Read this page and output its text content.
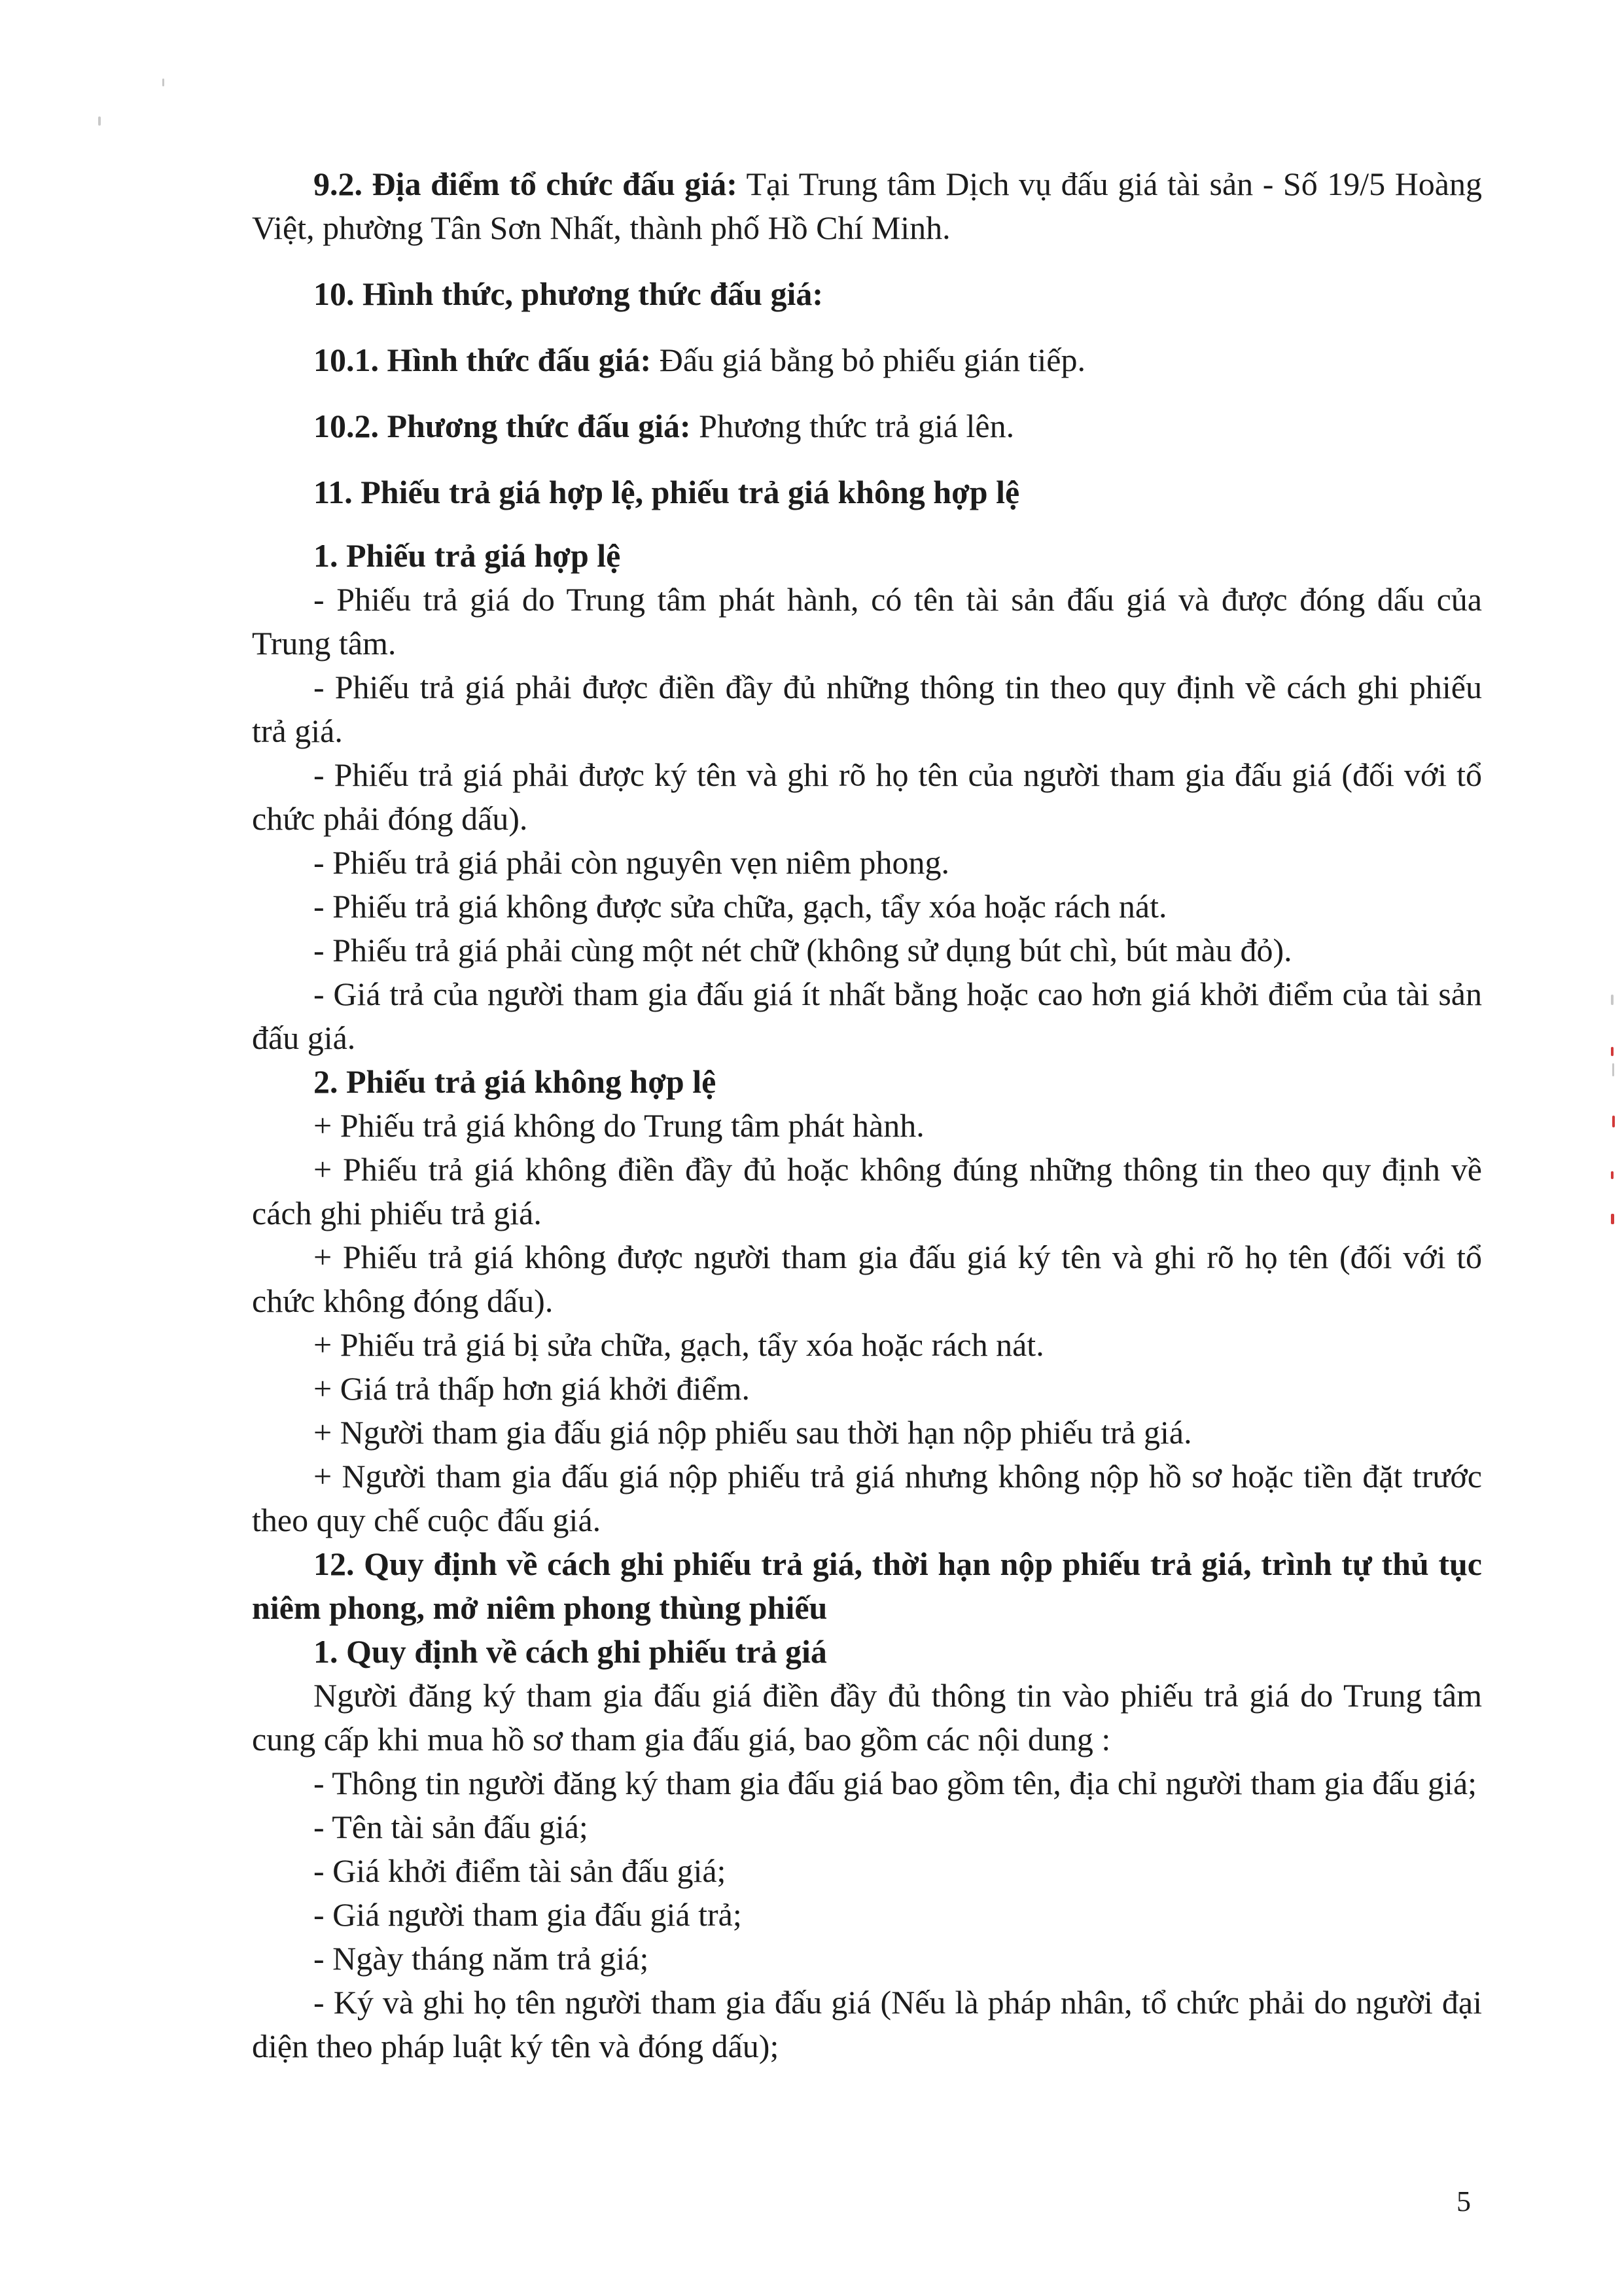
9.2. Địa điểm tổ chức đấu giá: Tại Trung tâm Dịch vụ đấu giá tài sản - Số 19/5 Hoàng Việt, phường Tân Sơn Nhất, thành phố Hồ Chí Minh.

10. Hình thức, phương thức đấu giá:

10.1. Hình thức đấu giá: Đấu giá bằng bỏ phiếu gián tiếp.

10.2. Phương thức đấu giá: Phương thức trả giá lên.

11. Phiếu trả giá hợp lệ, phiếu trả giá không hợp lệ

1. Phiếu trả giá hợp lệ

- Phiếu trả giá do Trung tâm phát hành, có tên tài sản đấu giá và được đóng dấu của Trung tâm.

- Phiếu trả giá phải được điền đầy đủ những thông tin theo quy định về cách ghi phiếu trả giá.

- Phiếu trả giá phải được ký tên và ghi rõ họ tên của người tham gia đấu giá (đối với tổ chức phải đóng dấu).

- Phiếu trả giá phải còn nguyên vẹn niêm phong.

- Phiếu trả giá không được sửa chữa, gạch, tẩy xóa hoặc rách nát.

- Phiếu trả giá phải cùng một nét chữ (không sử dụng bút chì, bút màu đỏ).

- Giá trả của người tham gia đấu giá ít nhất bằng hoặc cao hơn giá khởi điểm của tài sản đấu giá.

2. Phiếu trả giá không hợp lệ

+ Phiếu trả giá không do Trung tâm phát hành.

+ Phiếu trả giá không điền đầy đủ hoặc không đúng những thông tin theo quy định về cách ghi phiếu trả giá.

+ Phiếu trả giá không được người tham gia đấu giá ký tên và ghi rõ họ tên (đối với tổ chức không đóng dấu).

+ Phiếu trả giá bị sửa chữa, gạch, tẩy xóa hoặc rách nát.

+ Giá trả thấp hơn giá khởi điểm.

+ Người tham gia đấu giá nộp phiếu sau thời hạn nộp phiếu trả giá.

+ Người tham gia đấu giá nộp phiếu trả giá nhưng không nộp hồ sơ hoặc tiền đặt trước theo quy chế cuộc đấu giá.

12. Quy định về cách ghi phiếu trả giá, thời hạn nộp phiếu trả giá, trình tự thủ tục niêm phong, mở niêm phong thùng phiếu

1. Quy định về cách ghi phiếu trả giá

Người đăng ký tham gia đấu giá điền đầy đủ thông tin vào phiếu trả giá do Trung tâm cung cấp khi mua hồ sơ tham gia đấu giá, bao gồm các nội dung :

- Thông tin người đăng ký tham gia đấu giá bao gồm tên, địa chỉ người tham gia đấu giá;

- Tên tài sản đấu giá;

- Giá khởi điểm tài sản đấu giá;

- Giá người tham gia đấu giá trả;

- Ngày tháng năm trả giá;

- Ký và ghi họ tên người tham gia đấu giá (Nếu là pháp nhân, tổ chức phải do người đại diện theo pháp luật ký tên và đóng dấu);

5
